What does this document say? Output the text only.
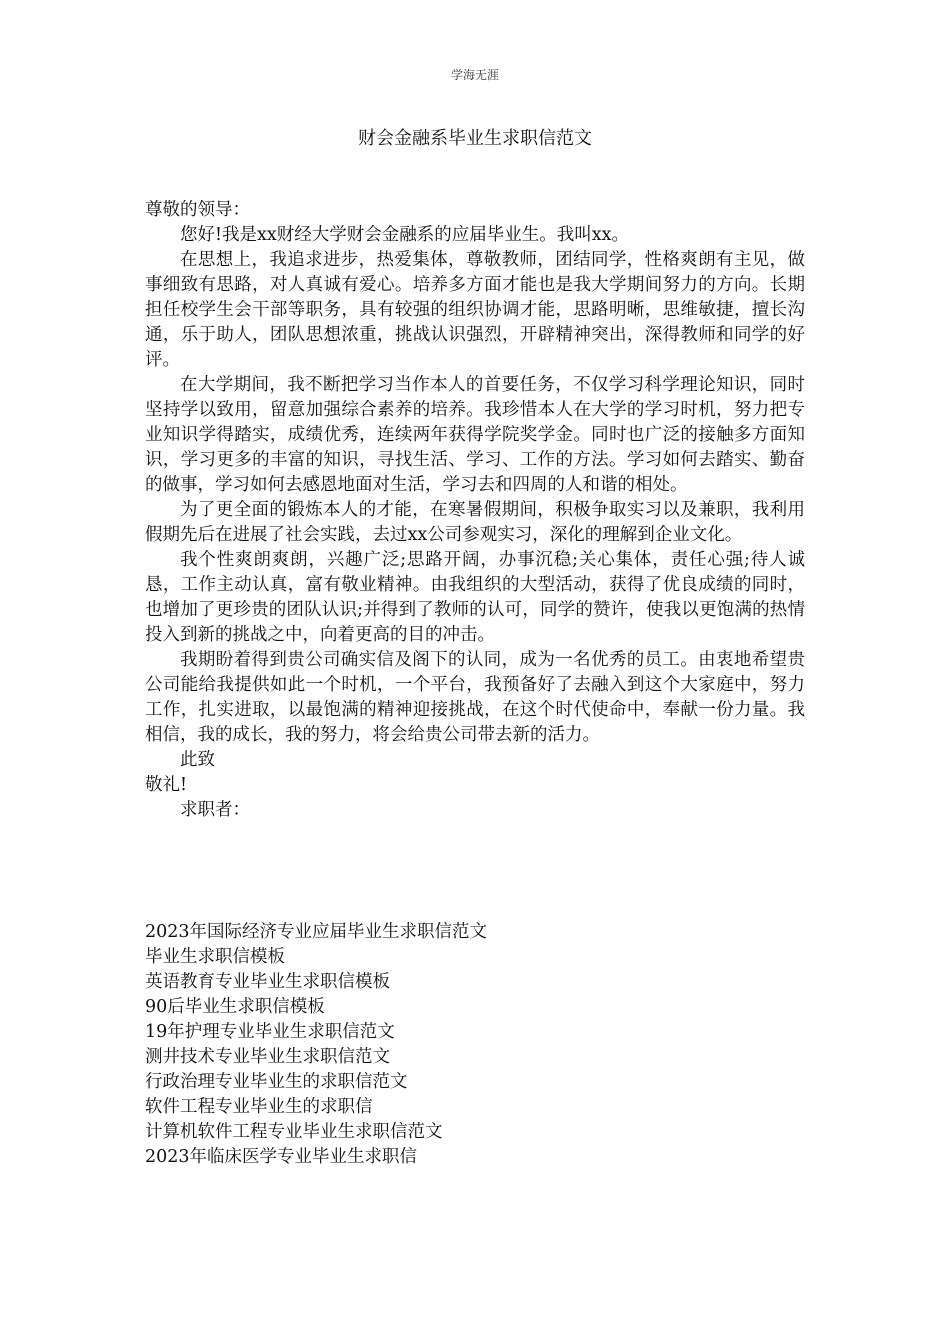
学海无涯
财会金融系毕业生求职信范文

尊敬的领导：

您好!我是xx财经大学财会金融系的应届毕业生。我叫xx。

在思想上，我追求进步，热爱集体，尊敬教师，团结同学，性格爽朗有主见，做事细致有思路，对人真诚有爱心。培养多方面才能也是我大学期间努力的方向。长期担任校学生会干部等职务，具有较强的组织协调才能，思路明晰，思维敏捷，擅长沟通，乐于助人，团队思想浓重，挑战认识强烈，开辟精神突出，深得教师和同学的好评。

在大学期间，我不断把学习当作本人的首要任务，不仅学习科学理论知识，同时坚持学以致用，留意加强综合素养的培养。我珍惜本人在大学的学习时机，努力把专业知识学得踏实，成绩优秀，连续两年获得学院奖学金。同时也广泛的接触多方面知识，学习更多的丰富的知识，寻找生活、学习、工作的方法。学习如何去踏实、勤奋的做事，学习如何去感恩地面对生活，学习去和四周的人和谐的相处。

为了更全面的锻炼本人的才能，在寒暑假期间，积极争取实习以及兼职，我利用假期先后在进展了社会实践，去过xx公司参观实习，深化的理解到企业文化。

我个性爽朗爽朗，兴趣广泛;思路开阔，办事沉稳;关心集体，责任心强;待人诚恳，工作主动认真，富有敬业精神。由我组织的大型活动，获得了优良成绩的同时，也增加了更珍贵的团队认识;并得到了教师的认可，同学的赞许，使我以更饱满的热情投入到新的挑战之中，向着更高的目的冲击。

我期盼着得到贵公司确实信及阁下的认同，成为一名优秀的员工。由衷地希望贵公司能给我提供如此一个时机，一个平台，我预备好了去融入到这个大家庭中，努力工作，扎实进取，以最饱满的精神迎接挑战，在这个时代使命中，奉献一份力量。我相信，我的成长，我的努力，将会给贵公司带去新的活力。

此致

敬礼!

求职者：

2023年国际经济专业应届毕业生求职信范文
毕业生求职信模板
英语教育专业毕业生求职信模板
90后毕业生求职信模板
19年护理专业毕业生求职信范文
测井技术专业毕业生求职信范文
行政治理专业毕业生的求职信范文
软件工程专业毕业生的求职信
计算机软件工程专业毕业生求职信范文
2023年临床医学专业毕业生求职信
